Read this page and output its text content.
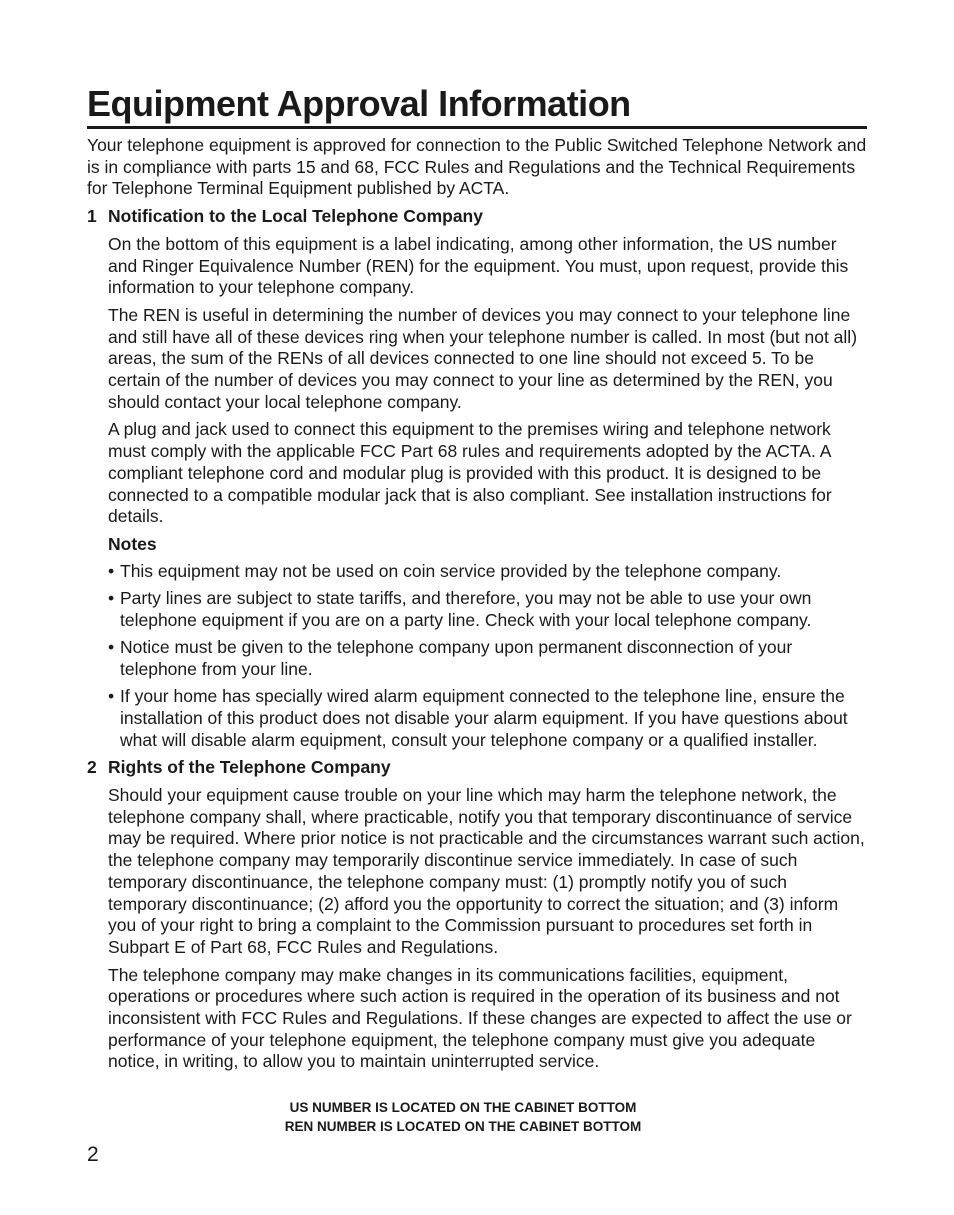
Equipment Approval Information

Your telephone equipment is approved for connection to the Public Switched Telephone Network and is in compliance with parts 15 and 68, FCC Rules and Regulations and the Technical Requirements for Telephone Terminal Equipment published by ACTA.

1 Notification to the Local Telephone Company

On the bottom of this equipment is a label indicating, among other information, the US number and Ringer Equivalence Number (REN) for the equipment. You must, upon request, provide this information to your telephone company.

The REN is useful in determining the number of devices you may connect to your telephone line and still have all of these devices ring when your telephone number is called. In most (but not all) areas, the sum of the RENs of all devices connected to one line should not exceed 5. To be certain of the number of devices you may connect to your line as determined by the REN, you should contact your local telephone company.

A plug and jack used to connect this equipment to the premises wiring and telephone network must comply with the applicable FCC Part 68 rules and requirements adopted by the ACTA. A compliant telephone cord and modular plug is provided with this product. It is designed to be connected to a compatible modular jack that is also compliant. See installation instructions for details.

Notes

• This equipment may not be used on coin service provided by the telephone company.
• Party lines are subject to state tariffs, and therefore, you may not be able to use your own telephone equipment if you are on a party line. Check with your local telephone company.
• Notice must be given to the telephone company upon permanent disconnection of your telephone from your line.
• If your home has specially wired alarm equipment connected to the telephone line, ensure the installation of this product does not disable your alarm equipment. If you have questions about what will disable alarm equipment, consult your telephone company or a qualified installer.
2 Rights of the Telephone Company

Should your equipment cause trouble on your line which may harm the telephone network, the telephone company shall, where practicable, notify you that temporary discontinuance of service may be required. Where prior notice is not practicable and the circumstances warrant such action, the telephone company may temporarily discontinue service immediately. In case of such temporary discontinuance, the telephone company must: (1) promptly notify you of such temporary discontinuance; (2) afford you the opportunity to correct the situation; and (3) inform you of your right to bring a complaint to the Commission pursuant to procedures set forth in Subpart E of Part 68, FCC Rules and Regulations.

The telephone company may make changes in its communications facilities, equipment, operations or procedures where such action is required in the operation of its business and not inconsistent with FCC Rules and Regulations. If these changes are expected to affect the use or performance of your telephone equipment, the telephone company must give you adequate notice, in writing, to allow you to maintain uninterrupted service.

US NUMBER IS LOCATED ON THE CABINET BOTTOM
REN NUMBER IS LOCATED ON THE CABINET BOTTOM
2
